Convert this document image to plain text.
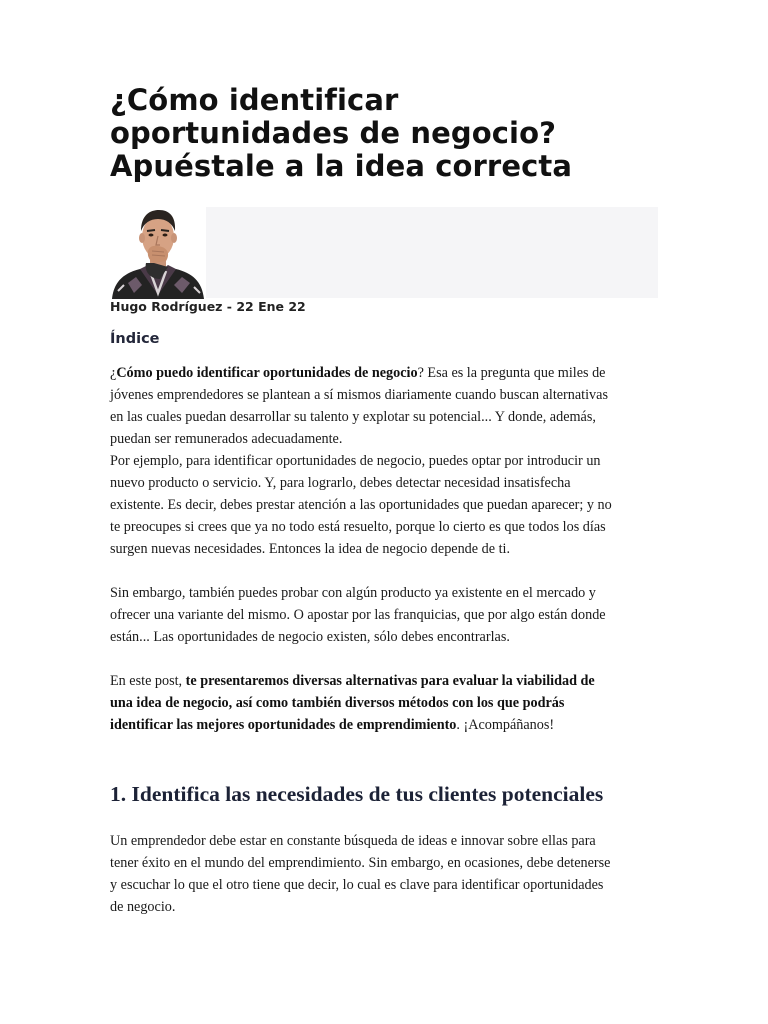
¿Cómo identificar
oportunidades de negocio?
Apuéstale a la idea correcta
Hugo Rodríguez - 22 Ene 22
Índice

¿Cómo puedo identificar oportunidades de negocio? Esa es la pregunta que miles de
jóvenes emprendedores se plantean a sí mismos diariamente cuando buscan alternativas
en las cuales puedan desarrollar su talento y explotar su potencial... Y donde, además,
puedan ser remunerados adecuadamente.
Por ejemplo, para identificar oportunidades de negocio, puedes optar por introducir un
nuevo producto o servicio. Y, para lograrlo, debes detectar necesidad insatisfecha
existente. Es decir, debes prestar atención a las oportunidades que puedan aparecer; y no
te preocupes si crees que ya no todo está resuelto, porque lo cierto es que todos los días
surgen nuevas necesidades. Entonces la idea de negocio depende de ti.

Sin embargo, también puedes probar con algún producto ya existente en el mercado y
ofrecer una variante del mismo. O apostar por las franquicias, que por algo están donde
están... Las oportunidades de negocio existen, sólo debes encontrarlas.

En este post, te presentaremos diversas alternativas para evaluar la viabilidad de
una idea de negocio, así como también diversos métodos con los que podrás
identificar las mejores oportunidades de emprendimiento. ¡Acompáñanos!

1. Identifica las necesidades de tus clientes potenciales

Un emprendedor debe estar en constante búsqueda de ideas e innovar sobre ellas para
tener éxito en el mundo del emprendimiento. Sin embargo, en ocasiones, debe detenerse
y escuchar lo que el otro tiene que decir, lo cual es clave para identificar oportunidades
de negocio.
